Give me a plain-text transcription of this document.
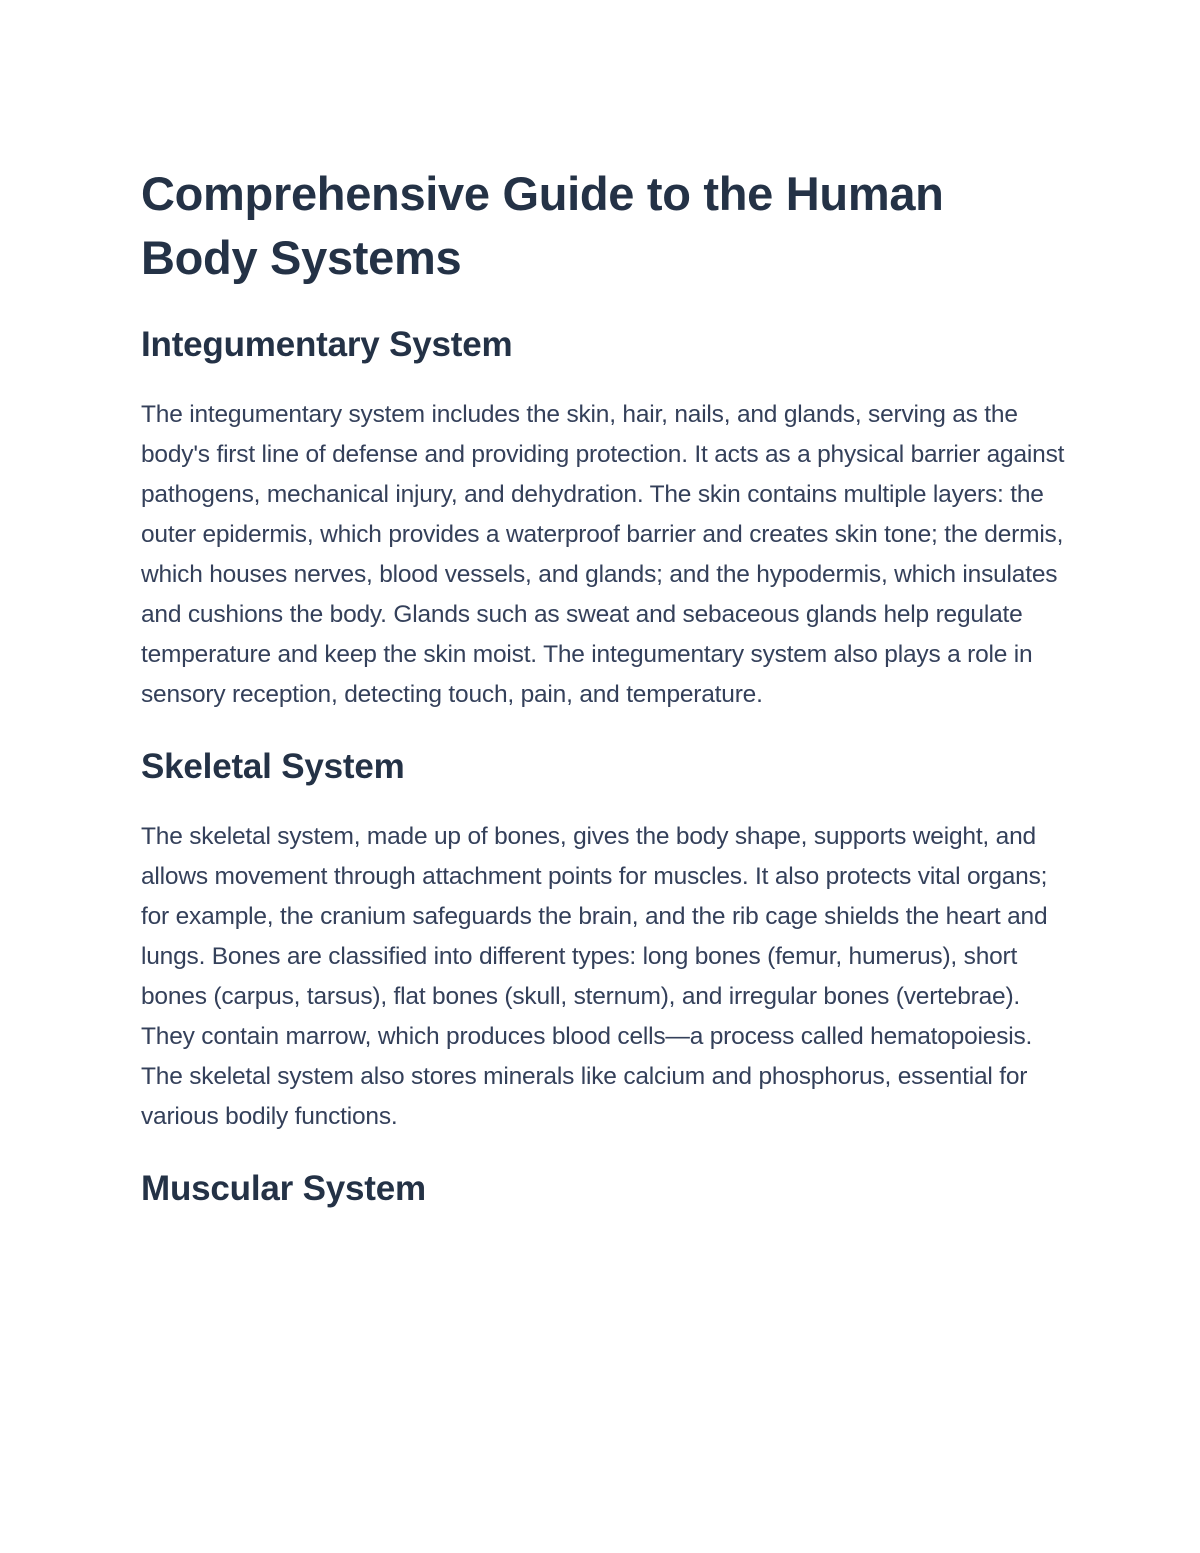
Comprehensive Guide to the Human Body Systems
Integumentary System

The integumentary system includes the skin, hair, nails, and glands, serving as the body's first line of defense and providing protection. It acts as a physical barrier against pathogens, mechanical injury, and dehydration. The skin contains multiple layers: the outer epidermis, which provides a waterproof barrier and creates skin tone; the dermis, which houses nerves, blood vessels, and glands; and the hypodermis, which insulates and cushions the body. Glands such as sweat and sebaceous glands help regulate temperature and keep the skin moist. The integumentary system also plays a role in sensory reception, detecting touch, pain, and temperature.

Skeletal System

The skeletal system, made up of bones, gives the body shape, supports weight, and allows movement through attachment points for muscles. It also protects vital organs; for example, the cranium safeguards the brain, and the rib cage shields the heart and lungs. Bones are classified into different types: long bones (femur, humerus), short bones (carpus, tarsus), flat bones (skull, sternum), and irregular bones (vertebrae). They contain marrow, which produces blood cells—a process called hematopoiesis. The skeletal system also stores minerals like calcium and phosphorus, essential for various bodily functions.

Muscular System
